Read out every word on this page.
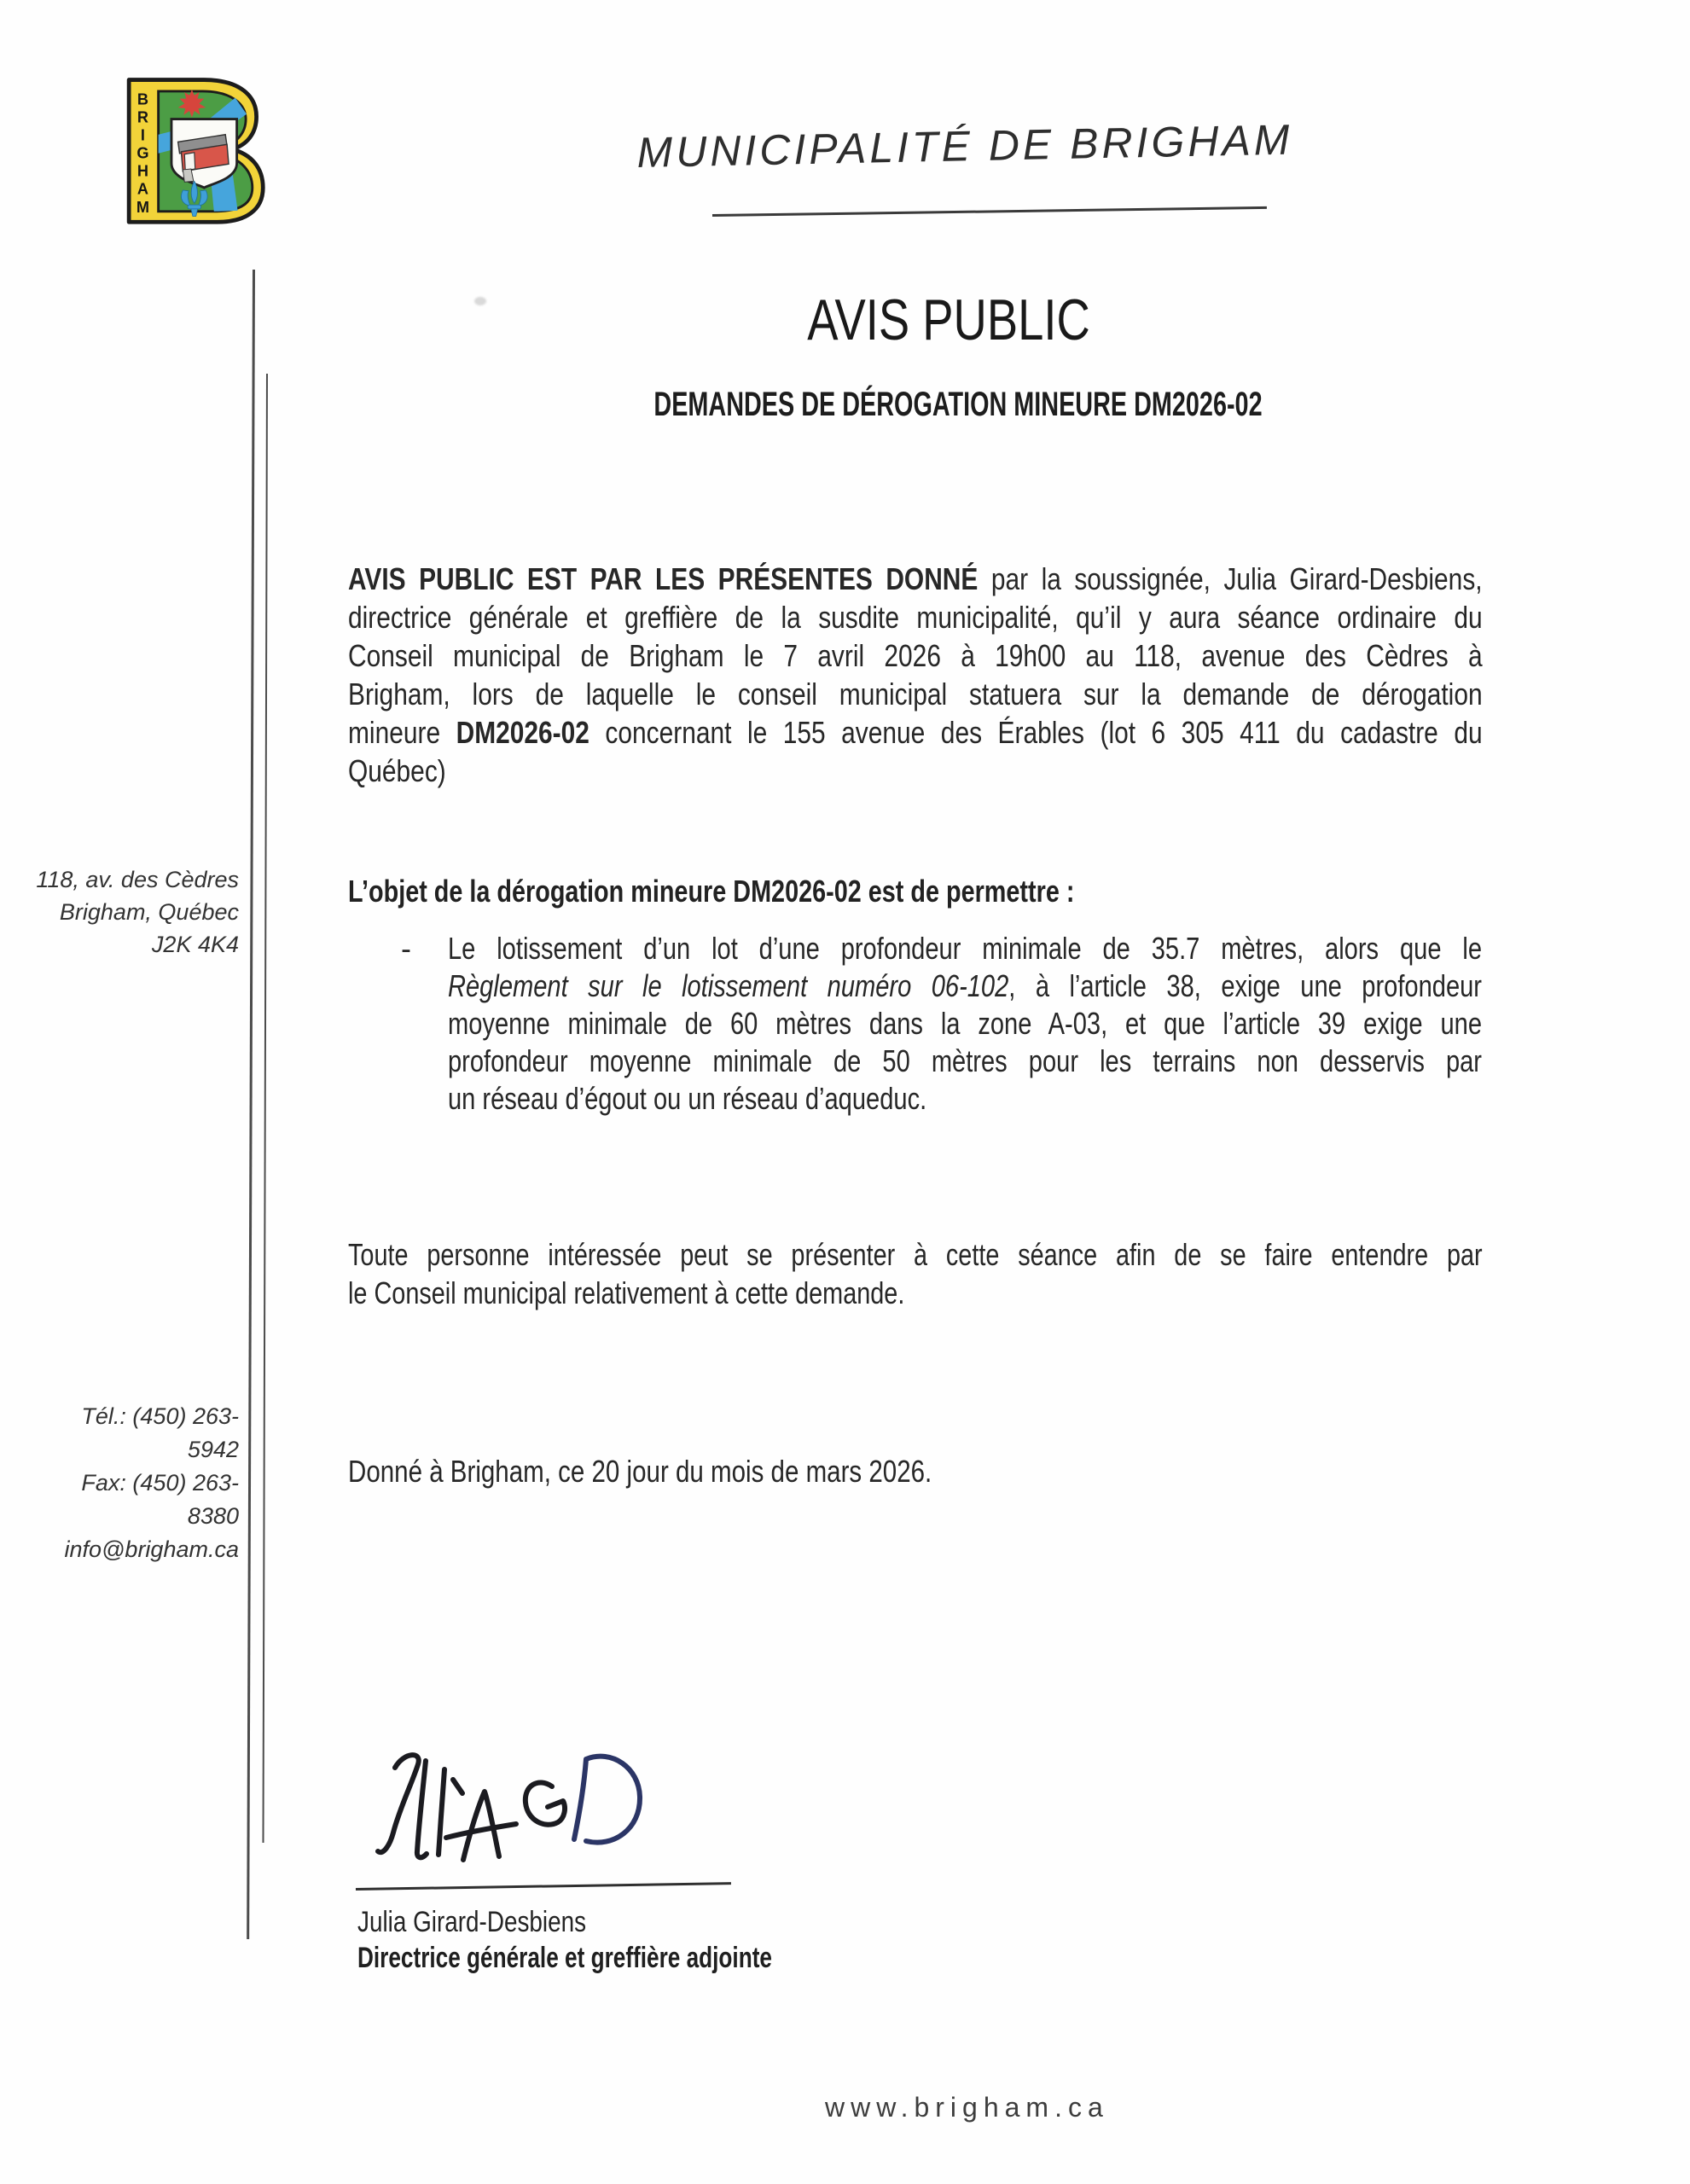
B
R
I
G
H
A
M
MUNICIPALITÉ DE BRIGHAM
AVIS PUBLIC
DEMANDES DE DÉROGATION MINEURE DM2026-02
118, av. des Cèdres
Brigham, Québec
J2K 4K4
Tél.: (450) 263-5942
Fax: (450) 263-8380
info@brigham.ca
AVIS PUBLIC EST PAR LES PRÉSENTES DONNÉ par la soussignée, Julia Girard-Desbiens,
directrice générale et greffière de la susdite municipalité, qu’il y aura séance ordinaire du
Conseil municipal de Brigham le 7 avril 2026 à 19h00 au 118, avenue des Cèdres à
Brigham, lors de laquelle le conseil municipal statuera sur la demande de dérogation
mineure DM2026-02 concernant le 155 avenue des Érables (lot 6 305 411 du cadastre du
Québec)
L’objet de la dérogation mineure DM2026-02 est de permettre :
- Le lotissement d’un lot d’une profondeur minimale de 35.7 mètres, alors que le
Règlement sur le lotissement numéro 06-102, à l’article 38, exige une profondeur
moyenne minimale de 60 mètres dans la zone A-03, et que l’article 39 exige une
profondeur moyenne minimale de 50 mètres pour les terrains non desservis par
un réseau d’égout ou un réseau d’aqueduc.
Toute personne intéressée peut se présenter à cette séance afin de se faire entendre par
le Conseil municipal relativement à cette demande.
Donné à Brigham, ce 20 jour du mois de mars 2026.
Julia Girard-Desbiens
Directrice générale et greffière adjointe
www.brigham.ca
